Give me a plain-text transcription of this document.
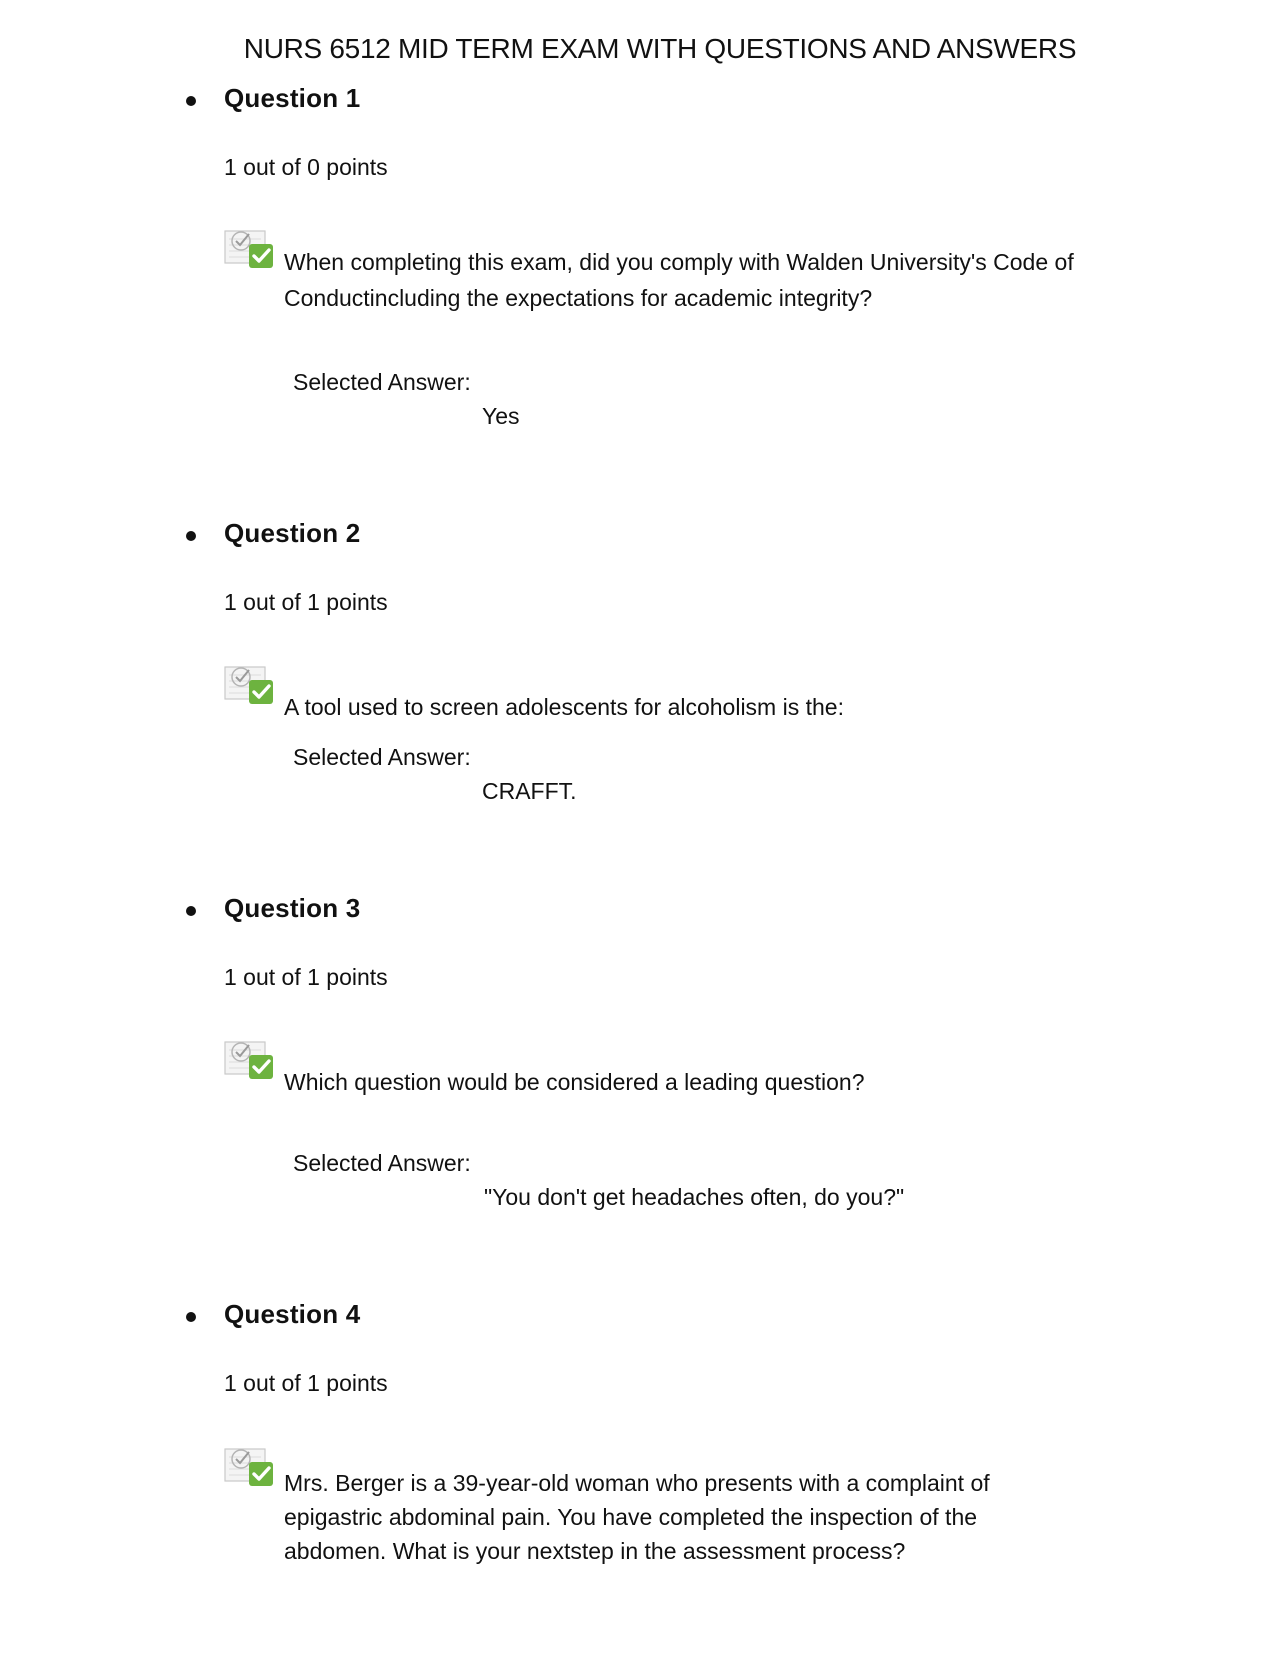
NURS 6512 MID TERM EXAM WITH QUESTIONS AND ANSWERS
Question 1
1 out of 0 points

When completing this exam, did you comply with Walden University's Code of Conductincluding the expectations for academic integrity?

Selected Answer:
Yes
Question 2
1 out of 1 points

A tool used to screen adolescents for alcoholism is the:

Selected Answer:
CRAFFT.
Question 3
1 out of 1 points

Which question would be considered a leading question?

Selected Answer:
"You don't get headaches often, do you?"
Question 4
1 out of 1 points

Mrs. Berger is a 39-year-old woman who presents with a complaint of epigastric abdominal pain. You have completed the inspection of the abdomen. What is your nextstep in the assessment process?
